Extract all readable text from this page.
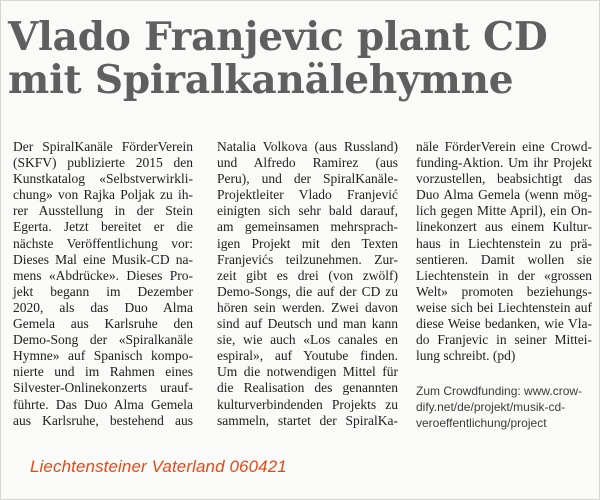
Vlado Franjevic plant CD
mit Spiralkanälehymne
Der SpiralKanäle FörderVerein
(SKFV) publizierte 2015 den
Kunstkatalog «Selbstverwirkli-
chung» von Rajka Poljak zu ih-
rer Ausstellung in der Stein
Egerta. Jetzt bereitet er die
nächste Veröffentlichung vor:
Dieses Mal eine Musik-CD na-
mens «Abdrücke». Dieses Pro-
jekt begann im Dezember
2020, als das Duo Alma
Gemela aus Karlsruhe den
Demo-Song der «Spiralkanäle
Hymne» auf Spanisch kompo-
nierte und im Rahmen eines
Silvester-Onlinekonzerts urauf-
führte. Das Duo Alma Gemela
aus Karlsruhe, bestehend aus
Natalia Volkova (aus Russland)
und Alfredo Ramirez (aus
Peru), und der SpiralKanäle-
Projektleiter Vlado Franjević
einigten sich sehr bald darauf,
am gemeinsamen mehrsprach-
igen Projekt mit den Texten
Franjevićs teilzunehmen. Zur-
zeit gibt es drei (von zwölf)
Demo-Songs, die auf der CD zu
hören sein werden. Zwei davon
sind auf Deutsch und man kann
sie, wie auch «Los canales en
espiral», auf Youtube finden.
Um die notwendigen Mittel für
die Realisation des genannten
kulturverbindenden Projekts zu
sammeln, startet der SpiralKa-
näle FörderVerein eine Crowd-
funding-Aktion. Um ihr Projekt
vorzustellen, beabsichtigt das
Duo Alma Gemela (wenn mög-
lich gegen Mitte April), ein On-
linekonzert aus einem Kultur-
haus in Liechtenstein zu prä-
sentieren. Damit wollen sie
Liechtenstein in der «grossen
Welt» promoten beziehungs-
weise sich bei Liechtenstein auf
diese Weise bedanken, wie Vla-
do Franjevic in seiner Mittei-
lung schreibt. (pd)
Zum Crowdfunding: www.crow-
dify.net/de/projekt/musik-cd-
veroeffentlichung/project
Liechtensteiner Vaterland 060421
